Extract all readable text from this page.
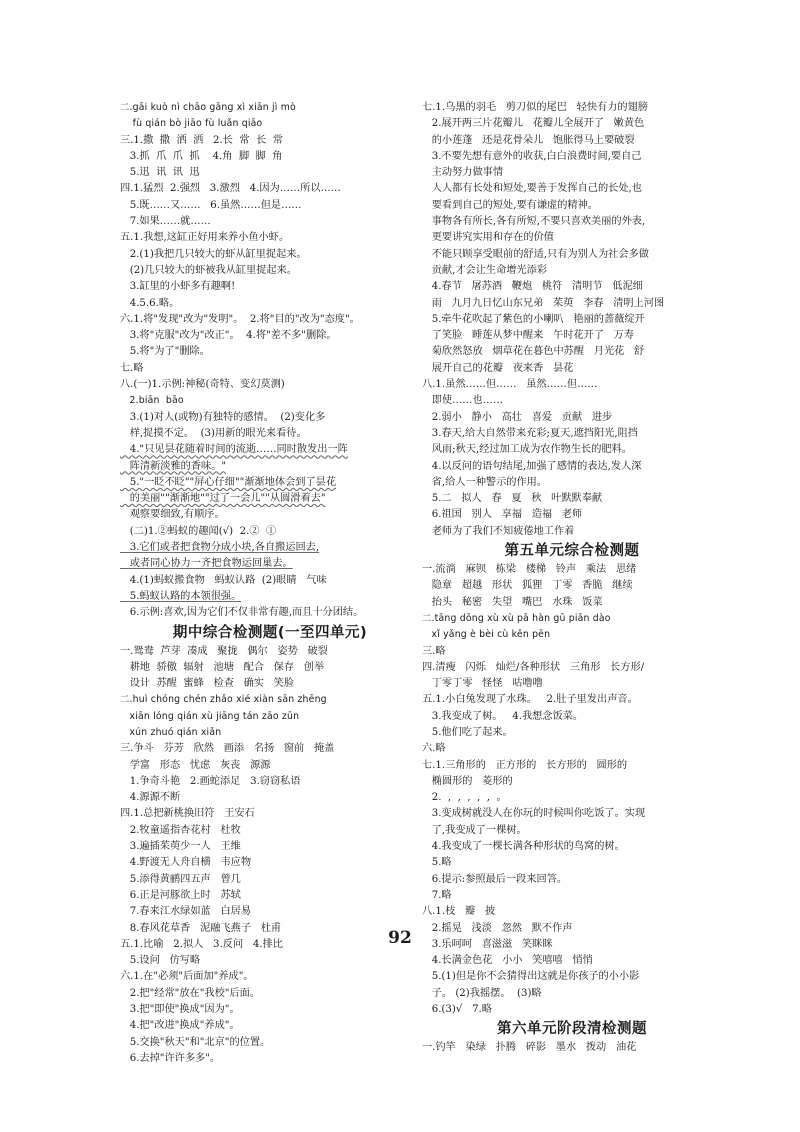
二.gāi kuò nì chāo gāng xì xiān jì mò
fù qián bò jiāo fù luǎn qiāo
三.1.撒  撒  洒  洒   2.长  常  长  常
3.抓  爪  爪  抓    4.角  脚  脚  角
5.迅  讯  讯  迅
四.1.猛烈  2.强烈   3.激烈   4.因为……所以……
5.既……又……   6.虽然……但是……
7.如果……就……
五.1.我想,这缸正好用来养小鱼小虾。
2.(1)我把几只较大的虾从缸里捉起来。
(2)几只较大的虾被我从缸里捉起来。
3.缸里的小虾多有趣啊!
4.5.6.略。
六.1.将"发现"改为"发明"。  2.将"目的"改为"态度"。
3.将"克服"改为"改正"。  4.将"差不多"删除。
5.将"为了"删除。
七.略
八.(一)1.示例:神秘(奇特、变幻莫测)
2.biān  bāo
3.(1)对人(或物)有独特的感情。  (2)变化多
样,捉摸不定。  (3)用新的眼光来看待。
4."只见昙花随着时间的流逝……同时散发出一阵
阵清新淡雅的香味。"
5."一眨不眨""屏心仔细""渐渐地体会到了昙花
的美丽""渐渐地""过了一会儿""从圆滑着去"
观察要细致,有顺序。
(二)1.②蚂蚁的趣闻(√)  2.②  ①
3.它们或者把食物分成小块,各自搬运回去,
或者同心协力一齐把食物运回巢去。
4.(1)蚂蚁搬食物   蚂蚁认路  (2)眼睛   气味
5.蚂蚁认路的本领很强。
6.示例:喜欢,因为它们不仅非常有趣,而且十分团结。
期中综合检测题(一至四单元)
一.鸳鸯  芦芽  凑成   聚拢   偶尔   姿势   破裂
耕地  骄傲  辐射   池塘   配合   保存   创举
设计  苏醒  蜜蜂   检查   确实   笑脸
二.huì chóng chén zhǎo xié xiàn sān zhēng
xiān lóng qián xù jiāng tán zāo zūn
xún zhuó qián xiǎn
三.争斗   芬芳   欣然   画添   名扬   窗前   掩盖
学富   形态   忧虑   灰丧   源源
1.争奇斗艳   2.画蛇添足   3.窃窃私语
4.源源不断
四.1.总把新桃换旧符   王安石
2.牧童遥指杏花村   杜牧
3.遍插茱萸少一人   王维
4.野渡无人舟自横   韦应物
5.添得黄鹂四五声   曾几
6.正是河豚欲上时   苏轼
7.春来江水绿如蓝   白居易
8.春风花草香   泥融飞燕子   杜甫
五.1.比喻   2.拟人   3.反问   4.排比
5.设问   仿写略
六.1.在"必须"后面加"养成"。
2.把"经常"放在"我校"后面。
3.把"即使"换成"因为"。
4.把"改进"换成"养成"。
5.交换"秋天"和"北京"的位置。
6.去掉"许许多多"。
七.1.乌黑的羽毛   剪刀似的尾巴   轻快有力的翅膀
2.展开两三片花瓣儿   花瓣儿全展开了   嫩黄色
的小莲蓬   还是花骨朵儿   饱胀得马上要破裂
3.不要先想有意外的收获,白白浪费时间,要自己
主动努力做事情
人人都有长处和短处,要善于发挥自己的长处,也
要看到自己的短处,要有谦虚的精神。
事物各有所长,各有所短,不要只喜欢美丽的外表,
更要讲究实用和存在的价值
不能只顾享受眼前的舒适,只有为别人为社会多做
贡献,才会让生命增光添彩
4.春节   屠苏酒   鞭炮   桃符   清明节   低泥细
雨   九月九日忆山东兄弟   茱萸   李春   清明上河图
5.牵牛花吹起了紫色的小喇叭   艳丽的蔷薇绽开
了笑脸   睡莲从梦中醒来   午时花开了   万寿
菊欣然怒放   烟草花在暮色中苏醒   月光花   舒
展开自己的花瓣   夜来香   昙花
八.1.虽然……但……   虽然……但……
即使……也……
2.弱小   静小   高壮   喜爱   贡献   进步
3.春天,给大自然带来充彩;夏天,遮挡阳光,阻挡
风雨;秋天,经过加工成为农作物生长的肥料。
4.以反问的语句结尾,加强了感情的表达,发人深
省,给人一种警示的作用。
5.二   拟人   春   夏   秋   叶默默奉献
6.祖国   别人   享福   造福   老师
老师为了我们不知疲倦地工作着
第五单元综合检测题
一.流淌   麻钡   栋梁   楼梯   铃声   乘法   思绪
隐章   超越   形状   狐狸   丁零   香脆   继续
抬头   秘密   失望   嘴巴   水珠   饭菜
二.tāng dōng xù xù pā hàn gū piān dào
xǐ yǎng è bèi cù kěn pēn
三.略
四.清瘦   闪烁   灿烂/各种形状   三角形   长方形/
丁零丁零   怪怪   咕噜噜
五.1.小白兔发现了水珠。   2.肚子里发出声音。
3.我变成了树。   4.我想念饭菜。
5.他们吃了起来。
六.略
七.1.三角形的   正方形的   长方形的   圆形的
椭圆形的   菱形的
2.  ,  ,  ,  ,  ,  。
3.变成树就没人在你玩的时候叫你吃饭了。实现
了,我变成了一棵树。
4.我变成了一棵长满各种形状的鸟窝的树。
5.略
6.提示:参照最后一段来回答。
7.略
八.1.枝   瓣   披
2.摇晃   浅淡   忽然   默不作声
3.乐呵呵   喜滋滋   笑眯眯
4.长满金色花   小小   笑嘻嘻   悄悄
5.(1)但是你不会猜得出这就是你孩子的小小影
子。 (2)我摇摆。  (3)略
6.(3)√   7.略
第六单元阶段清检测题
一.钓竿   染绿   扑腾   碎影   墨水   拨动   油花
92
